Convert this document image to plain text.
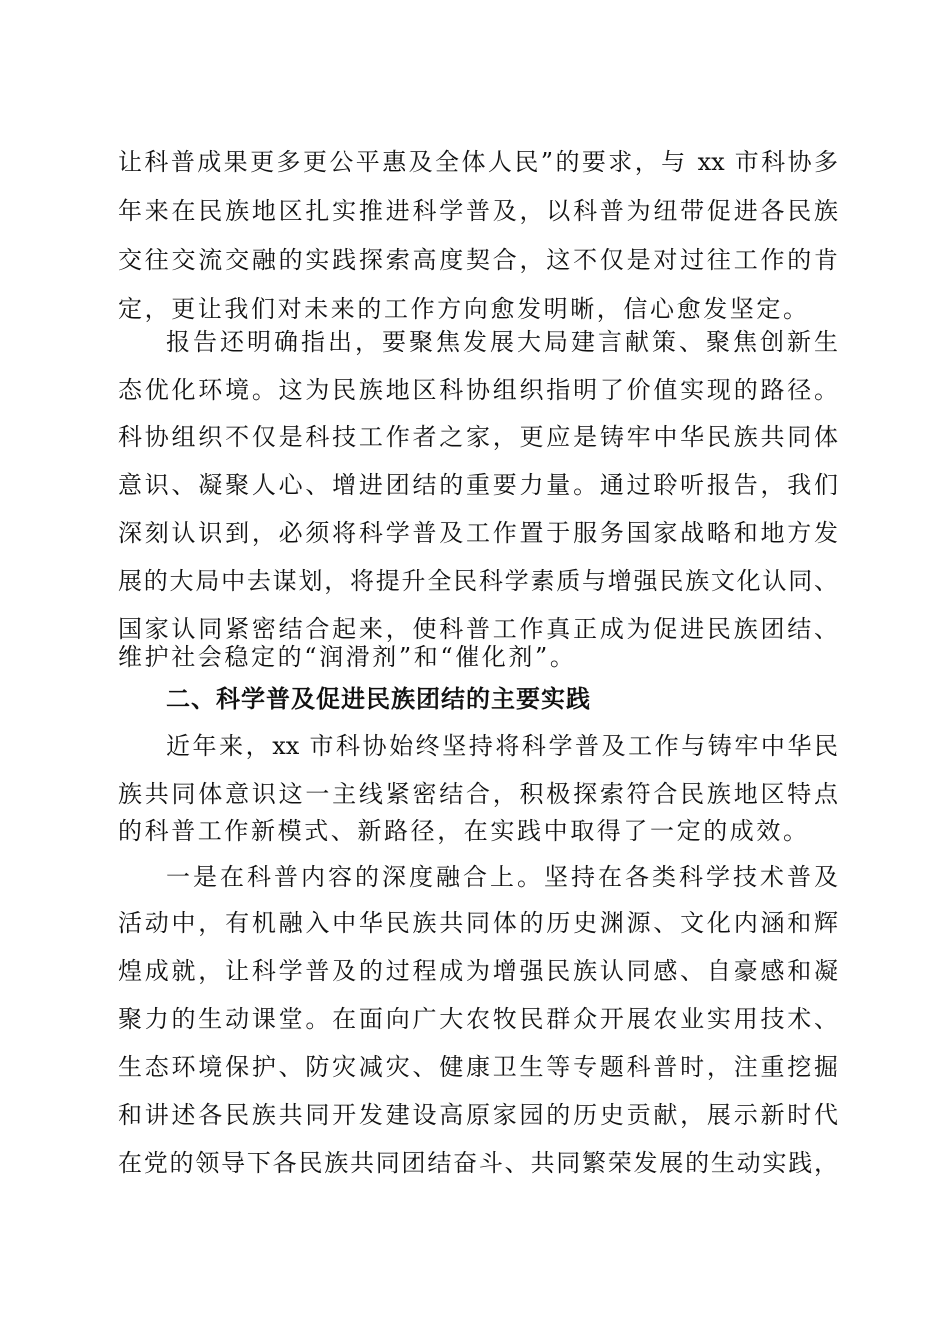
让科普成果更多更公平惠及全体人民”的要求，与 xx 市科协多
年来在民族地区扎实推进科学普及，以科普为纽带促进各民族
交往交流交融的实践探索高度契合，这不仅是对过往工作的肯
定，更让我们对未来的工作方向愈发明晰，信心愈发坚定。
报告还明确指出，要聚焦发展大局建言献策、聚焦创新生
态优化环境。这为民族地区科协组织指明了价值实现的路径。
科协组织不仅是科技工作者之家，更应是铸牢中华民族共同体
意识、凝聚人心、增进团结的重要力量。通过聆听报告，我们
深刻认识到，必须将科学普及工作置于服务国家战略和地方发
展的大局中去谋划，将提升全民科学素质与增强民族文化认同、
国家认同紧密结合起来，使科普工作真正成为促进民族团结、
维护社会稳定的“润滑剂”和“催化剂”。
二、科学普及促进民族团结的主要实践
近年来，xx 市科协始终坚持将科学普及工作与铸牢中华民
族共同体意识这一主线紧密结合，积极探索符合民族地区特点
的科普工作新模式、新路径，在实践中取得了一定的成效。
一是在科普内容的深度融合上。坚持在各类科学技术普及
活动中，有机融入中华民族共同体的历史渊源、文化内涵和辉
煌成就，让科学普及的过程成为增强民族认同感、自豪感和凝
聚力的生动课堂。在面向广大农牧民群众开展农业实用技术、
生态环境保护、防灾减灾、健康卫生等专题科普时，注重挖掘
和讲述各民族共同开发建设高原家园的历史贡献，展示新时代
在党的领导下各民族共同团结奋斗、共同繁荣发展的生动实践，
